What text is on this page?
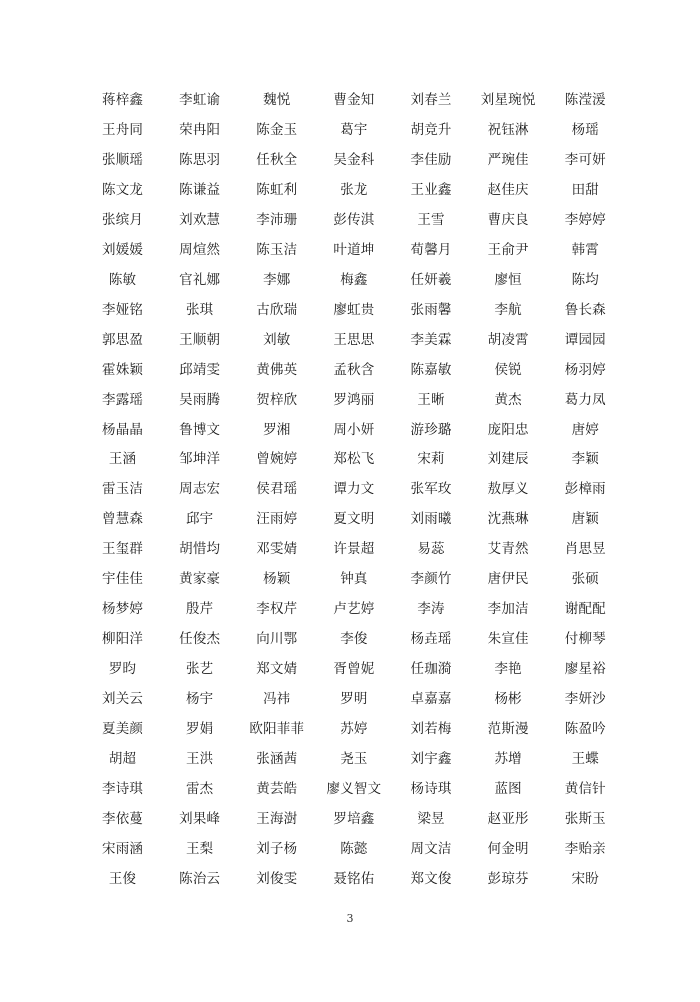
蒋梓鑫	李虹谕	魏悦	曹金知	刘春兰	刘星琬悦	陈滢湲
王舟同	荣冉阳	陈金玉	葛宇	胡竞升	祝钰淋	杨瑶
张顺瑶	陈思羽	任秋全	吴金科	李佳励	严琬佳	李可妍
陈文龙	陈谦益	陈虹利	张龙	王业鑫	赵佳庆	田甜
张缤月	刘欢慧	李沛珊	彭传淇	王雪	曹庆良	李婷婷
刘媛媛	周煊然	陈玉洁	叶道坤	荀馨月	王俞尹	韩霄
陈敏	官礼娜	李娜	梅鑫	任妍羲	廖恒	陈均
李娅铭	张琪	古欣瑞	廖虹贵	张雨馨	李航	鲁长森
郭思盈	王顺朝	刘敏	王思思	李美霖	胡凌霄	谭园园
霍姝颖	邱靖雯	黄佛英	孟秋含	陈嘉敏	侯锐	杨羽婷
李露瑶	吴雨腾	贺梓欣	罗鸿丽	王晰	黄杰	葛力凤
杨晶晶	鲁博文	罗湘	周小妍	游珍璐	庞阳忠	唐婷
王涵	邹坤洋	曾婉婷	郑松飞	宋莉	刘建辰	李颖
雷玉洁	周志宏	侯君瑶	谭力文	张军玫	敖厚义	彭樟雨
曾慧森	邱宇	汪雨婷	夏文明	刘雨曦	沈燕琳	唐颖
王玺群	胡惜均	邓雯婧	许景超	易蕊	艾青然	肖思昱
宇佳佳	黄家豪	杨颖	钟真	李颜竹	唐伊民	张硕
杨梦婷	殷芹	李权芹	卢艺婷	李涛	李加洁	谢配配
柳阳洋	任俊杰	向川鄂	李俊	杨垚瑶	朱宣佳	付柳琴
罗昀	张艺	郑文婧	胥曾妮	任珈漪	李艳	廖星裕
刘关云	杨宇	冯祎	罗明	卓嘉嘉	杨彬	李妍沙
夏美颜	罗娟	欧阳菲菲	苏婷	刘若梅	范斯漫	陈盈吟
胡超	王洪	张涵茜	尧玉	刘宇鑫	苏增	王蝶
李诗琪	雷杰	黄芸皓	廖义智文	杨诗琪	蓝图	黄信针
李依蔓	刘果峰	王海澍	罗培鑫	梁昱	赵亚彤	张斯玉
宋雨涵	王梨	刘子杨	陈懿	周文洁	何金明	李贻亲
王俊	陈治云	刘俊雯	聂铭佑	郑文俊	彭琼芬	宋盼
3
